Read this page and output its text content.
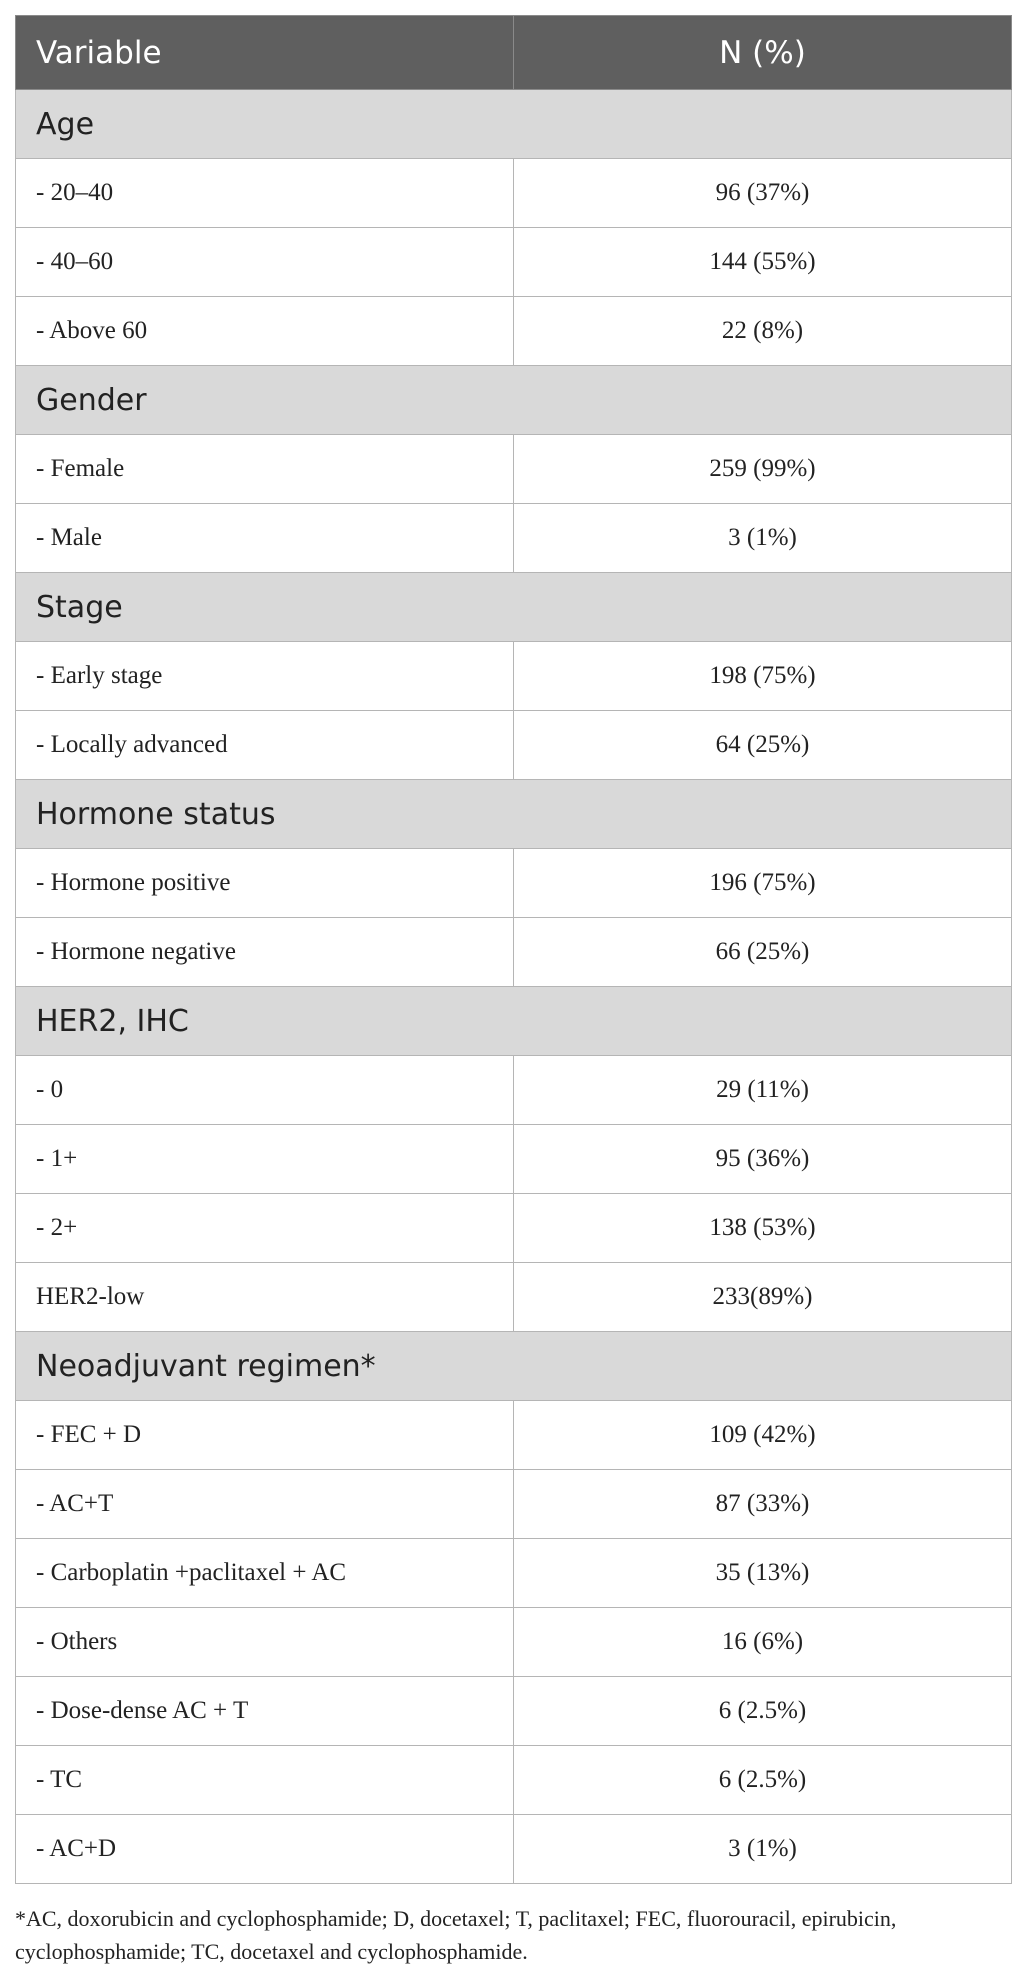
Variable	N (%)
Age	
- 20–40	96 (37%)
- 40–60	144 (55%)
- Above 60	22 (8%)
Gender	
- Female	259 (99%)
- Male	3 (1%)
Stage	
- Early stage	198 (75%)
- Locally advanced	64 (25%)
Hormone status	
- Hormone positive	196 (75%)
- Hormone negative	66 (25%)
HER2, IHC	
- 0	29 (11%)
- 1+	95 (36%)
- 2+	138 (53%)
HER2-low	233(89%)
Neoadjuvant regimen*	
- FEC + D	109 (42%)
- AC+T	87 (33%)
- Carboplatin +paclitaxel + AC	35 (13%)
- Others	16 (6%)
- Dose-dense AC + T	6 (2.5%)
- TC	6 (2.5%)
- AC+D	3 (1%)
*AC, doxorubicin and cyclophosphamide; D, docetaxel; T, paclitaxel; FEC, fluorouracil, epirubicin, cyclophosphamide; TC, docetaxel and cyclophosphamide.
